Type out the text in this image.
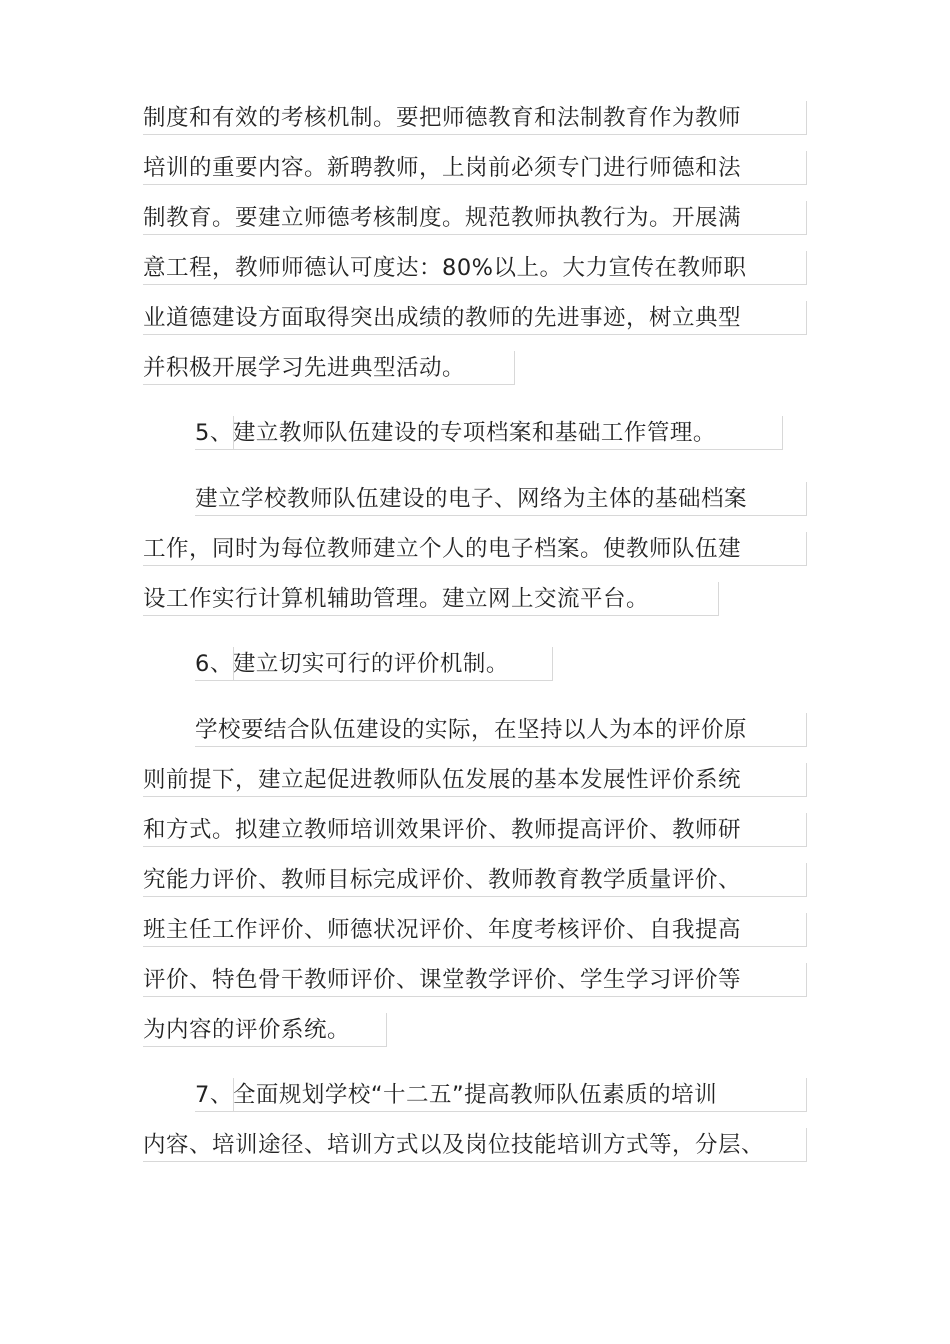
制度和有效的考核机制。要把师德教育和法制教育作为教师
培训的重要内容。新聘教师，上岗前必须专门进行师德和法
制教育。要建立师德考核制度。规范教师执教行为。开展满
意工程，教师师德认可度达：80%以上。大力宣传在教师职
业道德建设方面取得突出成绩的教师的先进事迹，树立典型
并积极开展学习先进典型活动。
5、建立教师队伍建设的专项档案和基础工作管理。
建立学校教师队伍建设的电子、网络为主体的基础档案
工作，同时为每位教师建立个人的电子档案。使教师队伍建
设工作实行计算机辅助管理。建立网上交流平台。
6、建立切实可行的评价机制。
学校要结合队伍建设的实际，在坚持以人为本的评价原
则前提下，建立起促进教师队伍发展的基本发展性评价系统
和方式。拟建立教师培训效果评价、教师提高评价、教师研
究能力评价、教师目标完成评价、教师教育教学质量评价、
班主任工作评价、师德状况评价、年度考核评价、自我提高
评价、特色骨干教师评价、课堂教学评价、学生学习评价等
为内容的评价系统。
7、全面规划学校“十二五”提高教师队伍素质的培训
内容、培训途径、培训方式以及岗位技能培训方式等，分层、
